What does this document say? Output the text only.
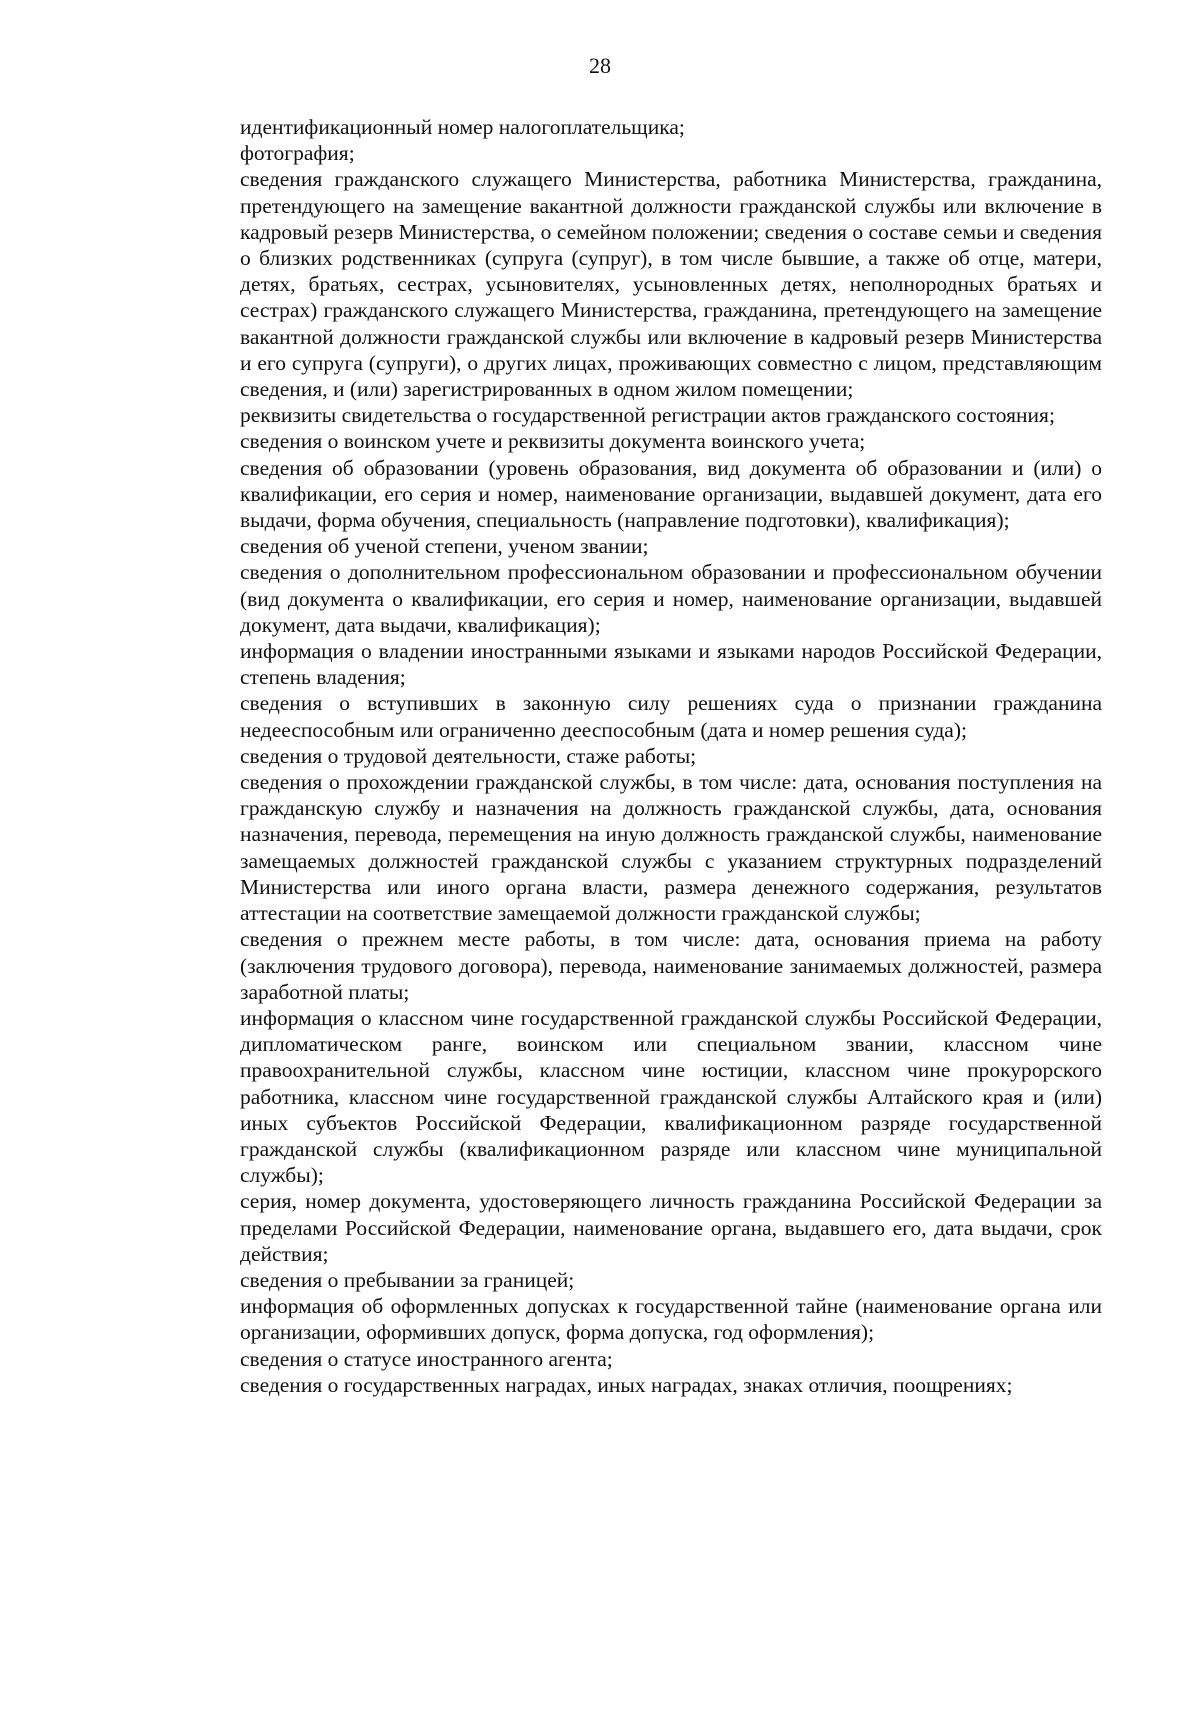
28

идентификационный номер налогоплательщика;

фотография;

сведения гражданского служащего Министерства, работника Министерства, гражданина, претендующего на замещение вакантной должности гражданской службы или включение в кадровый резерв Министерства, о семейном положении; сведения о составе семьи и сведения о близких родственниках (супруга (супруг), в том числе бывшие, а также об отце, матери, детях, братьях, сестрах, усыновителях, усыновленных детях, неполнородных братьях и сестрах) гражданского служащего Министерства, гражданина, претендующего на замещение вакантной должности гражданской службы или включение в кадровый резерв Министерства и его супруга (супруги), о других лицах, проживающих совместно с лицом, представляющим сведения, и (или) зарегистрированных в одном жилом помещении;

реквизиты свидетельства о государственной регистрации актов гражданского состояния;

сведения о воинском учете и реквизиты документа воинского учета;

сведения об образовании (уровень образования, вид документа об образовании и (или) о квалификации, его серия и номер, наименование организации, выдавшей документ, дата его выдачи, форма обучения, специальность (направление подготовки), квалификация);

сведения об ученой степени, ученом звании;

сведения о дополнительном профессиональном образовании и профессиональном обучении (вид документа о квалификации, его серия и номер, наименование организации, выдавшей документ, дата выдачи, квалификация);

информация о владении иностранными языками и языками народов Российской Федерации, степень владения;

сведения о вступивших в законную силу решениях суда о признании гражданина недееспособным или ограниченно дееспособным (дата и номер решения суда);

сведения о трудовой деятельности, стаже работы;

сведения о прохождении гражданской службы, в том числе: дата, основания поступления на гражданскую службу и назначения на должность гражданской службы, дата, основания назначения, перевода, перемещения на иную должность гражданской службы, наименование замещаемых должностей гражданской службы с указанием структурных подразделений Министерства или иного органа власти, размера денежного содержания, результатов аттестации на соответствие замещаемой должности гражданской службы;

сведения о прежнем месте работы, в том числе: дата, основания приема на работу (заключения трудового договора), перевода, наименование занимаемых должностей, размера заработной платы;

информация о классном чине государственной гражданской службы Российской Федерации, дипломатическом ранге, воинском или специальном звании, классном чине правоохранительной службы, классном чине юстиции, классном чине прокурорского работника, классном чине государственной гражданской службы Алтайского края и (или) иных субъектов Российской Федерации, квалификационном разряде государственной гражданской службы (квалификационном разряде или классном чине муниципальной службы);

серия, номер документа, удостоверяющего личность гражданина Российской Федерации за пределами Российской Федерации, наименование органа, выдавшего его, дата выдачи, срок действия;

сведения о пребывании за границей;

информация об оформленных допусках к государственной тайне (наименование органа или организации, оформивших допуск, форма допуска, год оформления);

сведения о статусе иностранного агента;

сведения о государственных наградах, иных наградах, знаках отличия, поощрениях;
